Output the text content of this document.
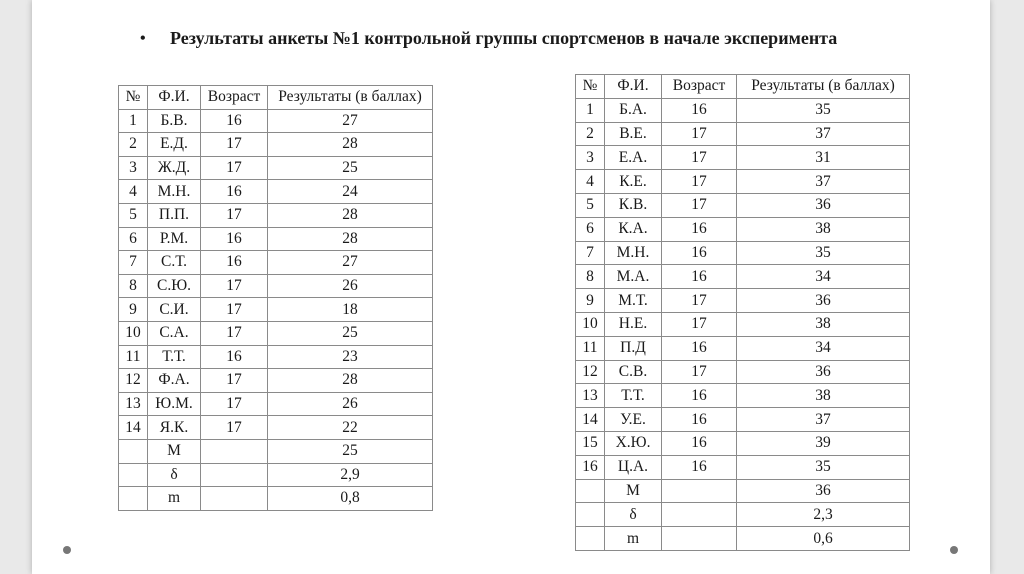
•	Результаты анкеты №1 контрольной группы спортсменов в начале эксперимента
№	Ф.И.	Возраст	Результаты (в баллах)
1	Б.В.	16	27
2	Е.Д.	17	28
3	Ж.Д.	17	25
4	М.Н.	16	24
5	П.П.	17	28
6	Р.М.	16	28
7	С.Т.	16	27
8	С.Ю.	17	26
9	С.И.	17	18
10	С.А.	17	25
11	Т.Т.	16	23
12	Ф.А.	17	28
13	Ю.М.	17	26
14	Я.К.	17	22
	М		25
	δ		2,9
	m		0,8
№	Ф.И.	Возраст	Результаты (в баллах)
1	Б.А.	16	35
2	В.Е.	17	37
3	Е.А.	17	31
4	К.Е.	17	37
5	К.В.	17	36
6	К.А.	16	38
7	М.Н.	16	35
8	М.А.	16	34
9	М.Т.	17	36
10	Н.Е.	17	38
11	П.Д	16	34
12	С.В.	17	36
13	Т.Т.	16	38
14	У.Е.	16	37
15	Х.Ю.	16	39
16	Ц.А.	16	35
	М		36
	δ		2,3
	m		0,6
